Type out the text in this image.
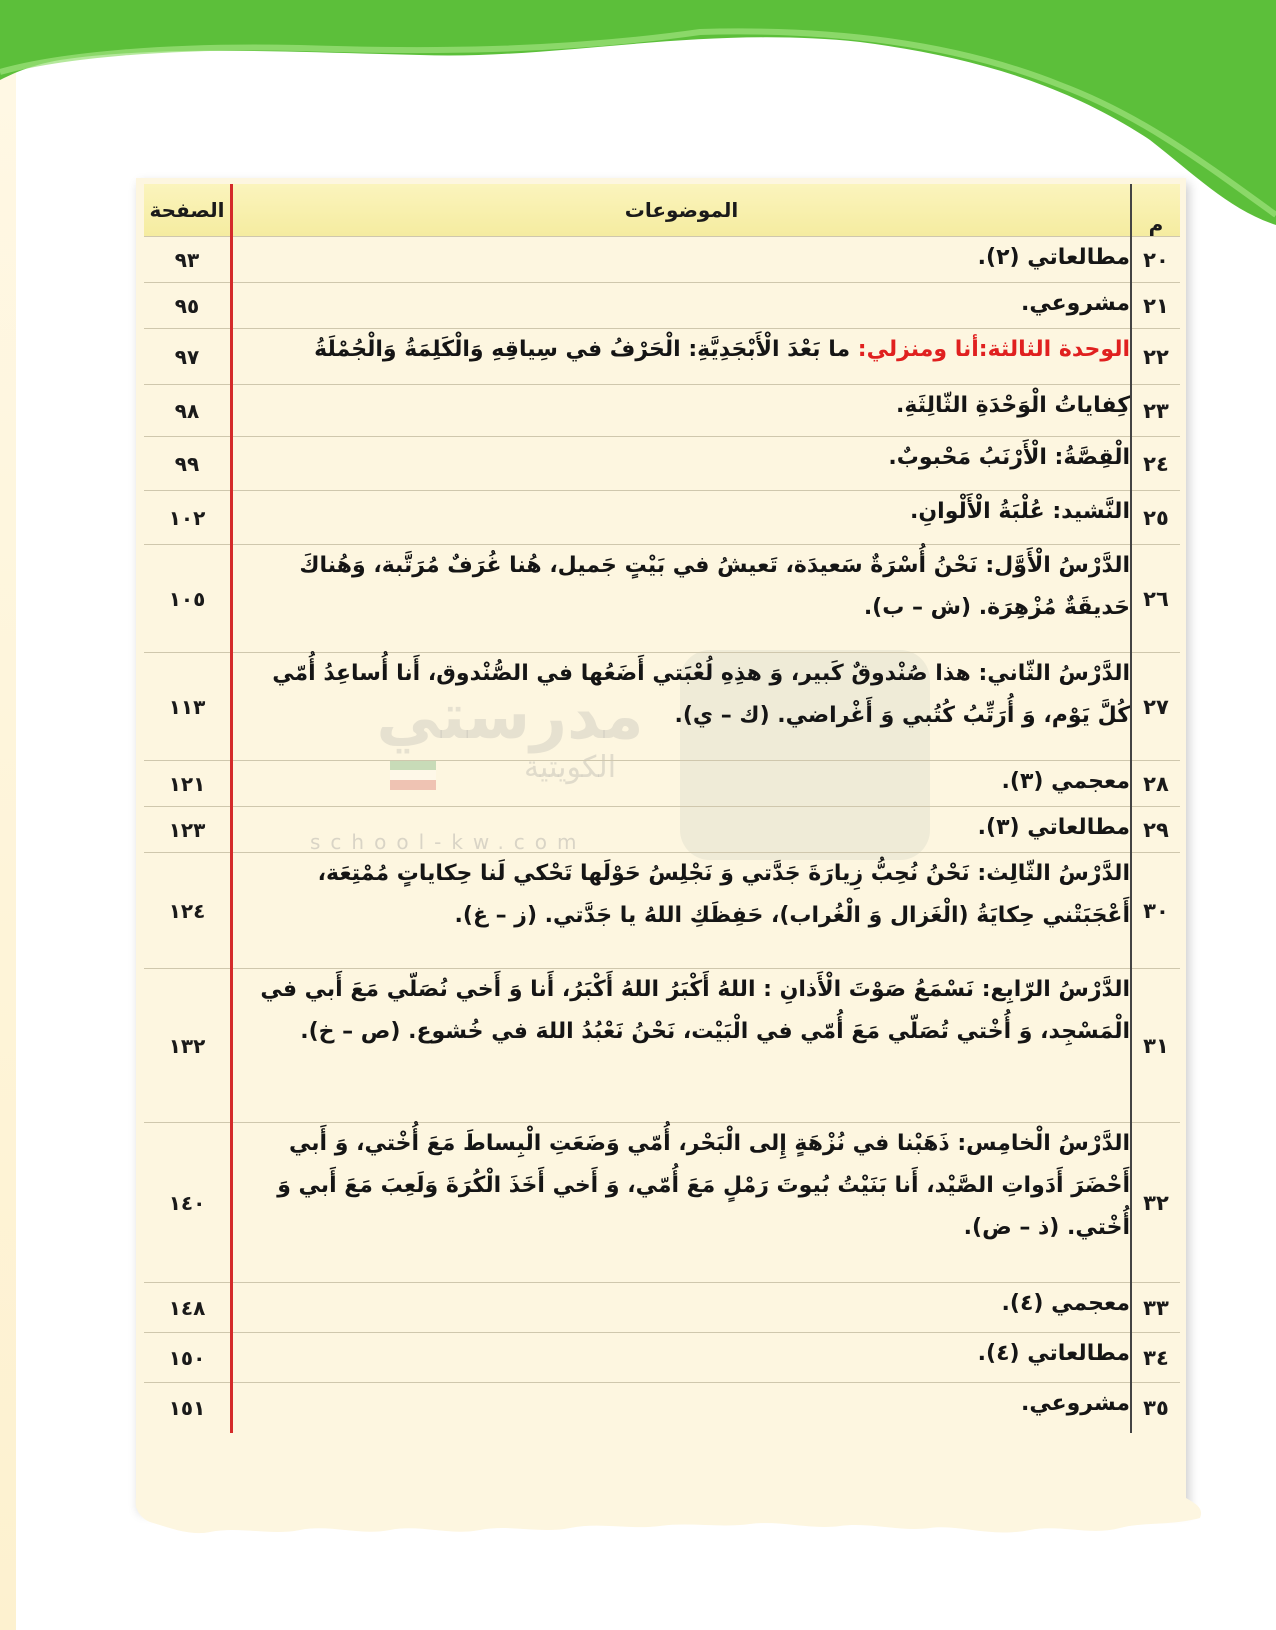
مدرستي
الكويتية
school-kw.com
م	الموضوعات	الصفحة
٢٠	مطالعاتي (٢).	٩٣
٢١	مشروعي.	٩٥
٢٢	الوحدة الثالثة:أنا ومنزلي: ما بَعْدَ الْأَبْجَدِيَّةِ: الْحَرْفُ في سِياقِهِ وَالْكَلِمَةُ وَالْجُمْلَةُ	٩٧
٢٣	كِفاياتُ الْوَحْدَةِ الثّالِثَةِ.	٩٨
٢٤	الْقِصَّةُ: الْأَرْنَبُ مَحْبوبٌ.	٩٩
٢٥	النَّشيد: عُلْبَةُ الْأَلْوانِ.	١٠٢
٢٦	الدَّرْسُ الْأَوَّل: نَحْنُ أُسْرَةٌ سَعيدَة، تَعيشُ في بَيْتٍ جَميل، هُنا غُرَفٌ مُرَتَّبة، وَهُناكَ حَديقَةٌ مُزْهِرَة. (ش – ب).	١٠٥
٢٧	الدَّرْسُ الثّاني: هذا صُنْدوقٌ كَبير، وَ هذِهِ لُعْبَتي أَضَعُها في الصُّنْدوق، أَنا أُساعِدُ أُمّي كُلَّ يَوْم، وَ أُرَتِّبُ كُتُبي وَ أَغْراضي. (ك – ي).	١١٣
٢٨	معجمي (٣).	١٢١
٢٩	مطالعاتي (٣).	١٢٣
٣٠	الدَّرْسُ الثّالِث: نَحْنُ نُحِبُّ زِيارَةَ جَدَّتي وَ نَجْلِسُ حَوْلَها تَحْكي لَنا حِكاياتٍ مُمْتِعَة، أَعْجَبَتْني حِكايَةُ (الْغَزال وَ الْغُراب)، حَفِظَكِ اللهُ يا جَدَّتي. (ز – غ).	١٢٤
٣١	الدَّرْسُ الرّابِع: نَسْمَعُ صَوْتَ الْأَذانِ : اللهُ أَكْبَرُ اللهُ أَكْبَرُ، أَنا وَ أَخي نُصَلّي مَعَ أَبي في الْمَسْجِد، وَ أُخْتي تُصَلّي مَعَ أُمّي في الْبَيْت، نَحْنُ نَعْبُدُ اللهَ في خُشوع. (ص – خ).	١٣٢
٣٢	الدَّرْسُ الْخامِس: ذَهَبْنا في نُزْهَةٍ إِلى الْبَحْر، أُمّي وَضَعَتِ الْبِساطَ مَعَ أُخْتي، وَ أَبي أَحْضَرَ أَدَواتِ الصَّيْد، أَنا بَنَيْتُ بُيوتَ رَمْلٍ مَعَ أُمّي، وَ أَخي أَخَذَ الْكُرَةَ وَلَعِبَ مَعَ أَبي وَ أُخْتي. (ذ – ض).	١٤٠
٣٣	معجمي (٤).	١٤٨
٣٤	مطالعاتي (٤).	١٥٠
٣٥	مشروعي.	١٥١
